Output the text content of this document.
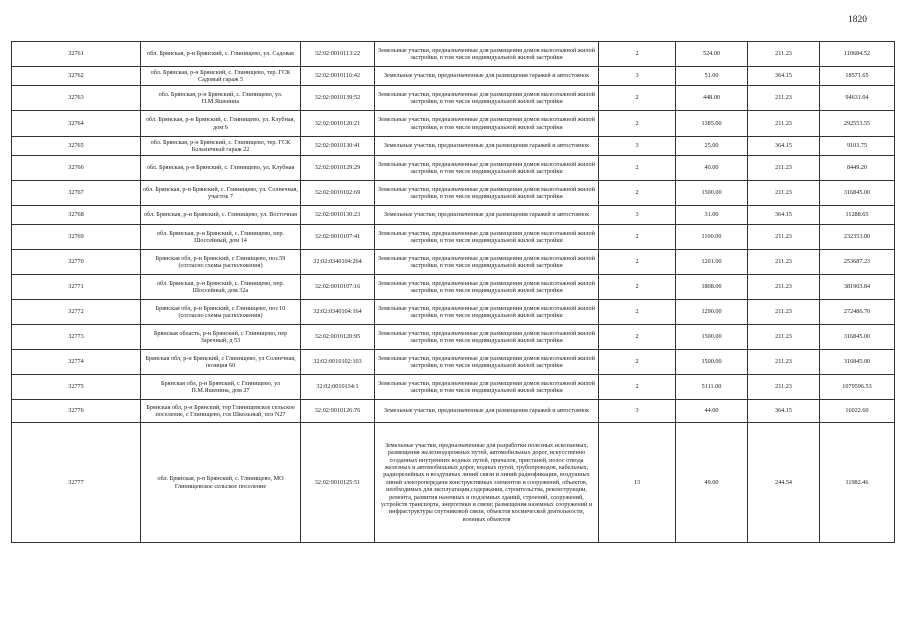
1820
32761	обл. Брянская, р-н Брянский, с. Глинищево, ул. Садовая	32:02:0010113:22	Земельные участки, предназначенные для размещения домов малоэтажной жилой застройки, в том числе индивидуальной жилой застройки	2	524.00	211.23	110684.52
32762	обл. Брянская, р-н Брянский, с. Глинищево, тер. ГСК Садовый гараж 5	32:02:0010116:42	Земельные участки, предназначенные для размещения гаражей и автостоянок	3	51.00	364.15	18571.65
32763	обл. Брянская, р-н Брянский, с. Глинищево, ул. П.М.Яшенина	32:02:0010139:52	Земельные участки, предназначенные для размещения домов малоэтажной жилой застройки, в том числе индивидуальной жилой застройки	2	448.00	211.23	94631.04
32764	обл. Брянская, р-н Брянский, с. Глинищево, ул. Клубная, дом 6	32:02:0010120:21	Земельные участки, предназначенные для размещения домов малоэтажной жилой застройки, в том числе индивидуальной жилой застройки	2	1385.00	211.23	292553.55
32765	обл. Брянская, р-н Брянский, с. Глинищево, тер. ГСК Больничный гараж 22	32:02:0010130:41	Земельные участки, предназначенные для размещения гаражей и автостоянок	3	25.00	364.15	9103.75
32766	обл. Брянская, р-н Брянский, с. Глинищево, ул. Клубная	32:02:0010129:29	Земельные участки, предназначенные для размещения домов малоэтажной жилой застройки, в том числе индивидуальной жилой застройки	2	40.00	211.23	8449.20
32767	обл. Брянская, р-н Брянский, с. Глинищево, ул. Солнечная, участок 7	32:02:0010102:69	Земельные участки, предназначенные для размещения домов малоэтажной жилой застройки, в том числе индивидуальной жилой застройки	2	1500.00	211.23	316845.00
32768	обл. Брянская, р-н Брянский, с. Глинищево, ул. Восточная	32:02:0010130:23	Земельные участки, предназначенные для размещения гаражей и автостоянок	3	31.00	364.15	11288.65
32769	обл. Брянская, р-н Брянский, с. Глинищево, пер. Шоссейный, дом 14	32:02:0010107:41	Земельные участки, предназначенные для размещения домов малоэтажной жилой застройки, в том числе индивидуальной жилой застройки	2	1100.00	211.23	232353.00
32770	Брянская обл, р-н Брянский, с Глинищево, поз.59 (согласно схемы расположения)	32:02:0340104:264	Земельные участки, предназначенные для размещения домов малоэтажной жилой застройки, в том числе индивидуальной жилой застройки	2	1201.00	211.23	253687.23
32771	обл. Брянская, р-н Брянский, с. Глинищево, пер. Шоссейный, дом 32а	32:02:0010107:16	Земельные участки, предназначенные для размещения домов малоэтажной жилой застройки, в том числе индивидуальной жилой застройки	2	1808.00	211.23	381903.84
32772	Брянская обл, р-н Брянский, с Глинищево, поз 10 (согласно схемы расположения)	32:02:0340104:164	Земельные участки, предназначенные для размещения домов малоэтажной жилой застройки, в том числе индивидуальной жилой застройки	2	1290.00	211.23	272486.70
32773	Брянская область, р-н Брянский, с Глинищево, пер Заречный, д 53	32:02:0010120:95	Земельные участки, предназначенные для размещения домов малоэтажной жилой застройки, в том числе индивидуальной жилой застройки	2	1500.00	211.23	316845.00
32774	Брянская обл, р-н Брянский, с Глинищево, ул Солнечная, позиция 60	32:02:0010102:103	Земельные участки, предназначенные для размещения домов малоэтажной жилой застройки, в том числе индивидуальной жилой застройки	2	1500.00	211.23	316845.00
32775	Брянская обл, р-н Брянский, с Глинищево, ул П.М.Яшенина, дом 27	32:02:0010134:1	Земельные участки, предназначенные для размещения домов малоэтажной жилой застройки, в том числе индивидуальной жилой застройки	2	5111.00	211.23	1079596.53
32776	Брянская обл, р-н Брянский, тер Глинищевское сельское поселение, с Глинищево, гск Школьный, поз N27	32:02:0010126:76	Земельные участки, предназначенные для размещения гаражей и автостоянок	3	44.00	364.15	16022.60
32777	обл. Брянская, р-н Брянский, с. Глинищево, МО Глинищевское сельское поселение	32:02:0010125:51	Земельные участки, предназначенные для разработки полезных ископаемых, размещения железнодорожных путей, автомобильных дорог, искусственно созданных внутренних водных путей, причалов, пристаней, полос отвода железных и автомобильных дорог, водных путей, трубопроводов, кабельных, радиорелейных и воздушных линий связи и линий радиофикации, воздушных линий электропередачи конструктивных элементов и сооружений, объектов, необходимых для эксплуатации,содержания, строительства, реконструкции, ремонта, развития наземных и подземных зданий, строений, сооружений, устройств транспорта, энергетики и связи; размещения наземных сооружений и инфраструктуры спутниковой связи, объектов космической деятельности, военных объектов	13	49.00	244.54	11982.46
